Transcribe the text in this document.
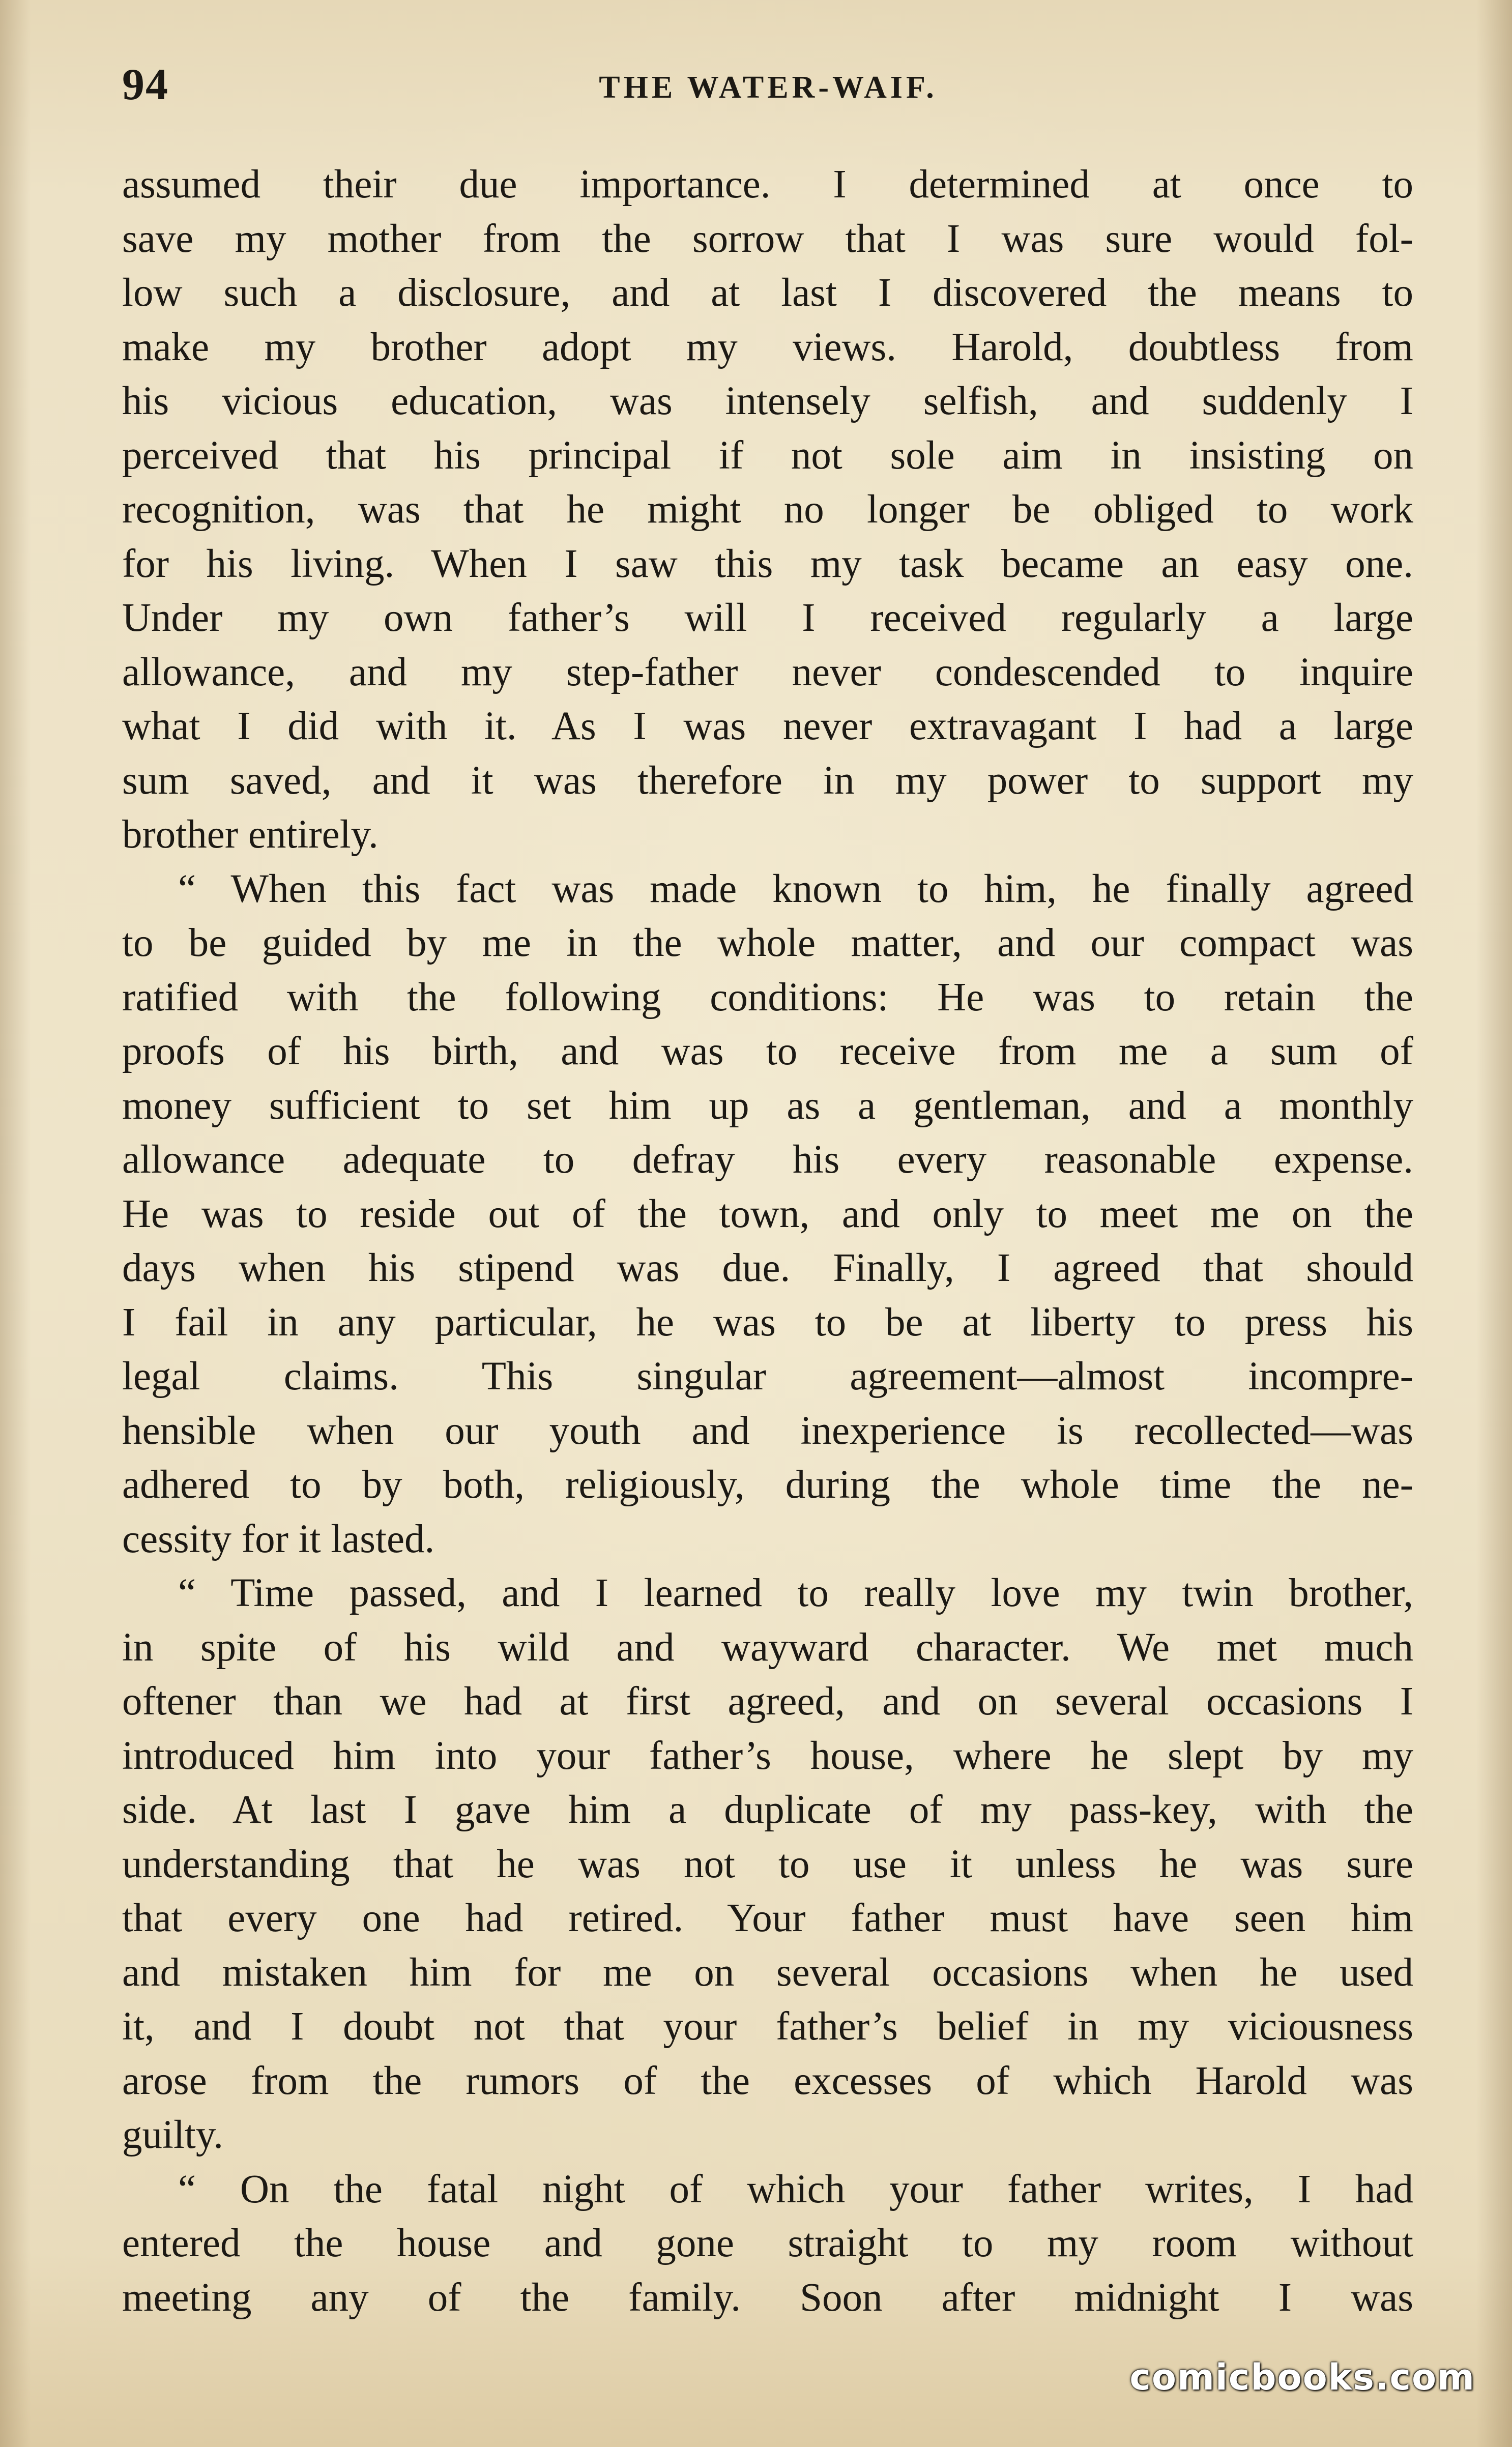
94	THE WATER-WAIF.
assumed their due importance. I determined at once to
save my mother from the sorrow that I was sure would fol-
low such a disclosure, and at last I discovered the means to
make my brother adopt my views. Harold, doubtless from
his vicious education, was intensely selfish, and suddenly I
perceived that his principal if not sole aim in insisting on
recognition, was that he might no longer be obliged to work
for his living. When I saw this my task became an easy one.
Under my own father’s will I received regularly a large
allowance, and my step-father never condescended to inquire
what I did with it. As I was never extravagant I had a large
sum saved, and it was therefore in my power to support my
brother entirely.
“ When this fact was made known to him, he finally agreed
to be guided by me in the whole matter, and our compact was
ratified with the following conditions: He was to retain the
proofs of his birth, and was to receive from me a sum of
money sufficient to set him up as a gentleman, and a monthly
allowance adequate to defray his every reasonable expense.
He was to reside out of the town, and only to meet me on the
days when his stipend was due. Finally, I agreed that should
I fail in any particular, he was to be at liberty to press his
legal claims. This singular agreement—almost incompre-
hensible when our youth and inexperience is recollected—was
adhered to by both, religiously, during the whole time the ne-
cessity for it lasted.
“ Time passed, and I learned to really love my twin brother,
in spite of his wild and wayward character. We met much
oftener than we had at first agreed, and on several occasions I
introduced him into your father’s house, where he slept by my
side. At last I gave him a duplicate of my pass-key, with the
understanding that he was not to use it unless he was sure
that every one had retired. Your father must have seen him
and mistaken him for me on several occasions when he used
it, and I doubt not that your father’s belief in my viciousness
arose from the rumors of the excesses of which Harold was
guilty.
“ On the fatal night of which your father writes, I had
entered the house and gone straight to my room without
meeting any of the family. Soon after midnight I was
comicbooks.com
